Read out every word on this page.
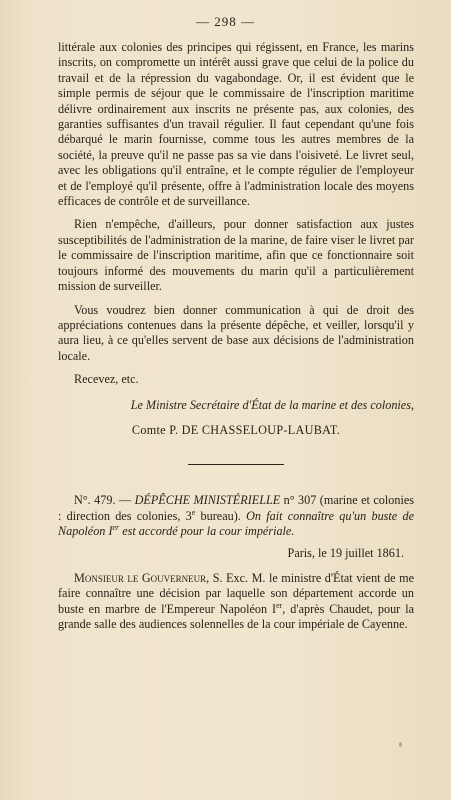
— 298 —

littérale aux colonies des principes qui régissent, en France, les marins inscrits, on compromette un intérêt aussi grave que celui de la police du travail et de la répression du vagabondage. Or, il est évident que le simple permis de séjour que le commissaire de l'inscription maritime délivre ordinairement aux inscrits ne présente pas, aux colonies, des garanties suffisantes d'un travail régulier. Il faut cependant qu'une fois débarqué le marin fournisse, comme tous les autres membres de la société, la preuve qu'il ne passe pas sa vie dans l'oisiveté. Le livret seul, avec les obligations qu'il entraîne, et le compte régulier de l'employeur et de l'employé qu'il présente, offre à l'administration locale des moyens efficaces de contrôle et de surveillance.

Rien n'empêche, d'ailleurs, pour donner satisfaction aux justes susceptibilités de l'administration de la marine, de faire viser le livret par le commissaire de l'inscription maritime, afin que ce fonctionnaire soit toujours informé des mouvements du marin qu'il a particulièrement mission de surveiller.

Vous voudrez bien donner communication à qui de droit des appréciations contenues dans la présente dépêche, et veiller, lorsqu'il y aura lieu, à ce qu'elles servent de base aux décisions de l'administration locale.

Recevez, etc.

Le Ministre Secrétaire d'État de la marine et des colonies,

Comte P. DE CHASSELOUP-LAUBAT.

N°. 479. — DÉPÊCHE MINISTÉRIELLE n° 307 (marine et colonies : direction des colonies, 3e bureau). On fait connaître qu'un buste de Napoléon Ier est accordé pour la cour impériale.

Paris, le 19 juillet 1861.

Monsieur le Gouverneur, S. Exc. M. le ministre d'État vient de me faire connaître une décision par laquelle son département accorde un buste en marbre de l'Empereur Napoléon Ier, d'après Chaudet, pour la grande salle des audiences solennelles de la cour impériale de Cayenne.
